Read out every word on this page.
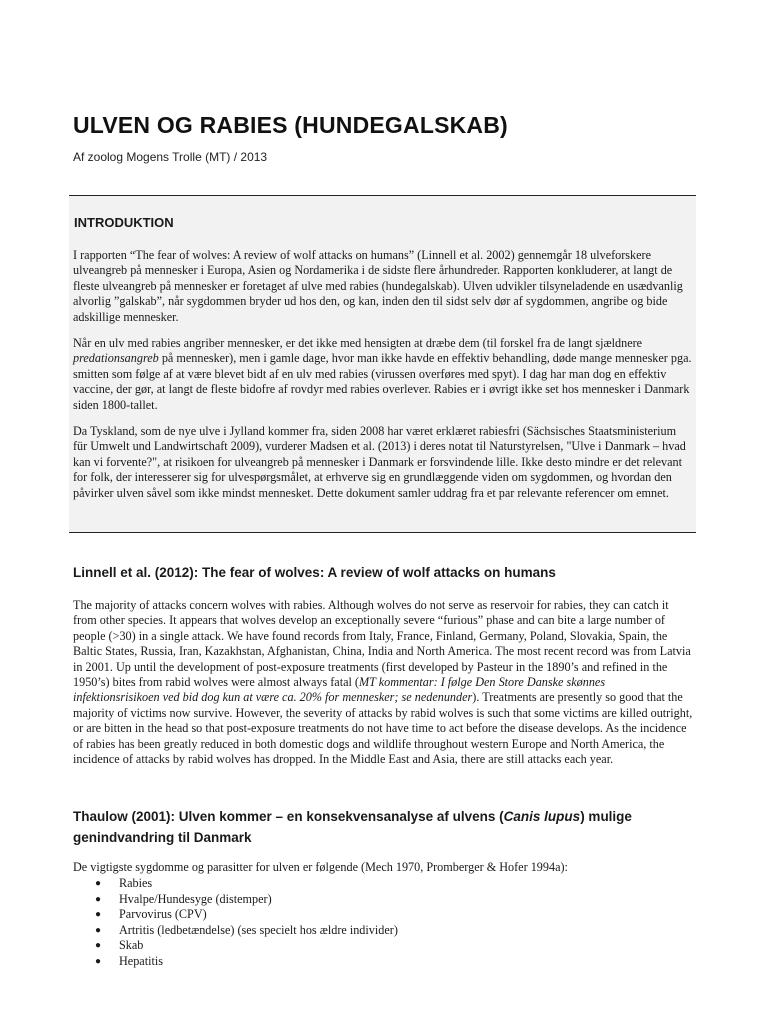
ULVEN OG RABIES (HUNDEGALSKAB)

Af zoolog Mogens Trolle (MT) / 2013

INTRODUKTION

I rapporten “The fear of wolves: A review of wolf attacks on humans” (Linnell et al. 2002) gennemgår 18 ulveforskere ulveangreb på mennesker i Europa, Asien og Nordamerika i de sidste flere århundreder. Rapporten konkluderer, at langt de fleste ulveangreb på mennesker er foretaget af ulve med rabies (hundegalskab). Ulven udvikler tilsyneladende en usædvanlig alvorlig ”galskab”, når sygdommen bryder ud hos den, og kan, inden den til sidst selv dør af sygdommen, angribe og bide adskillige mennesker.

Når en ulv med rabies angriber mennesker, er det ikke med hensigten at dræbe dem (til forskel fra de langt sjældnere predationsangreb på mennesker), men i gamle dage, hvor man ikke havde en effektiv behandling, døde mange mennesker pga. smitten som følge af at være blevet bidt af en ulv med rabies (virussen overføres med spyt). I dag har man dog en effektiv vaccine, der gør, at langt de fleste bidofre af rovdyr med rabies overlever. Rabies er i øvrigt ikke set hos mennesker i Danmark siden 1800-tallet.

Da Tyskland, som de nye ulve i Jylland kommer fra, siden 2008 har været erklæret rabiesfri (Sächsisches Staatsministerium für Umwelt und Landwirtschaft 2009), vurderer Madsen et al. (2013) i deres notat til Naturstyrelsen, "Ulve i Danmark – hvad kan vi forvente?", at risikoen for ulveangreb på mennesker i Danmark er forsvindende lille. Ikke desto mindre er det relevant for folk, der interesserer sig for ulvespørgsmålet, at erhverve sig en grundlæggende viden om sygdommen, og hvordan den påvirker ulven såvel som ikke mindst mennesket. Dette dokument samler uddrag fra et par relevante referencer om emnet.

Linnell et al. (2012): The fear of wolves: A review of wolf attacks on humans

The majority of attacks concern wolves with rabies. Although wolves do not serve as reservoir for rabies, they can catch it from other species. It appears that wolves develop an exceptionally severe “furious” phase and can bite a large number of people (>30) in a single attack. We have found records from Italy, France, Finland, Germany, Poland, Slovakia, Spain, the Baltic States, Russia, Iran, Kazakhstan, Afghanistan, China, India and North America. The most recent record was from Latvia in 2001. Up until the development of post-exposure treatments (first developed by Pasteur in the 1890’s and refined in the 1950’s) bites from rabid wolves were almost always fatal (MT kommentar: I følge Den Store Danske skønnes infektionsrisikoen ved bid dog kun at være ca. 20% for mennesker; se nedenunder). Treatments are presently so good that the majority of victims now survive. However, the severity of attacks by rabid wolves is such that some victims are killed outright, or are bitten in the head so that post-exposure treatments do not have time to act before the disease develops. As the incidence of rabies has been greatly reduced in both domestic dogs and wildlife throughout western Europe and North America, the incidence of attacks by rabid wolves has dropped. In the Middle East and Asia, there are still attacks each year.

Thaulow (2001): Ulven kommer – en konsekvensanalyse af ulvens (Canis lupus) mulige genindvandring til Danmark

De vigtigste sygdomme og parasitter for ulven er følgende (Mech 1970, Promberger & Hofer 1994a):

● Rabies
● Hvalpe/Hundesyge (distemper)
● Parvovirus (CPV)
● Artritis (ledbetændelse) (ses specielt hos ældre individer)
● Skab
● Hepatitis
